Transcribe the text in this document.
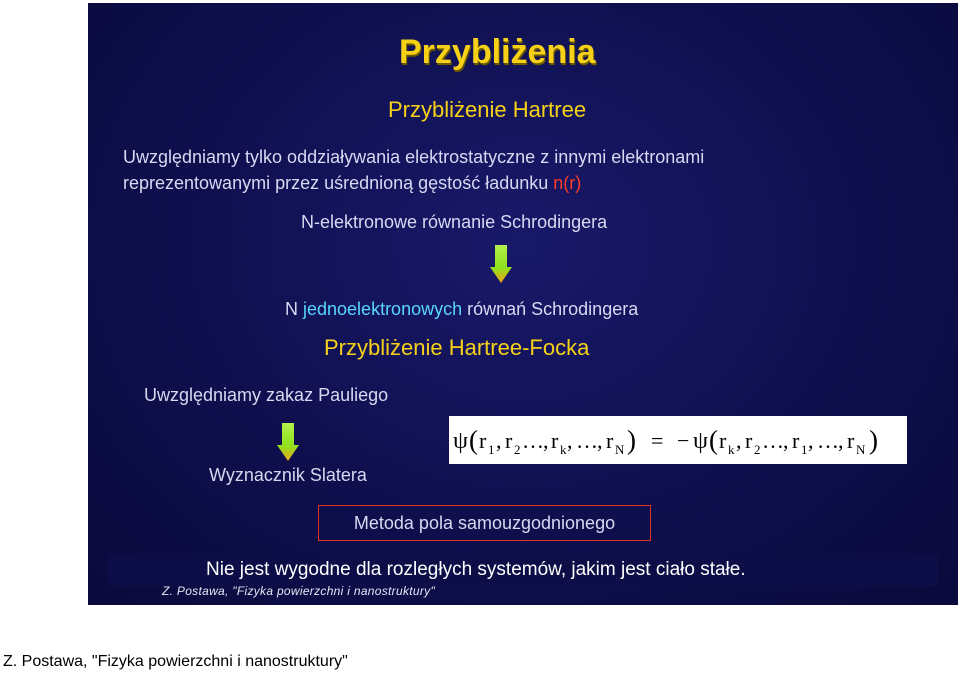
Przybliżenia
Przybliżenie Hartree
Uwzględniamy tylko oddziaływania elektrostatyczne z innymi elektronami
reprezentowanymi przez uśrednioną gęstość ładunku n(r)
N-elektronowe równanie Schrodingera
N jednoelektronowych równań Schrodingera
Przybliżenie Hartree-Focka
Uwzględniamy zakaz Pauliego
Wyznacznik Slatera
ψ ( r 1 , r 2 … , r k , … , r N ) = − ψ ( r k , r 2 … , r 1 , … , r N )
Metoda pola samouzgodnionego
Nie jest wygodne dla rozległych systemów, jakim jest ciało stałe.
Z. Postawa, "Fizyka powierzchni i nanostruktury"
Z. Postawa, "Fizyka powierzchni i nanostruktury"
